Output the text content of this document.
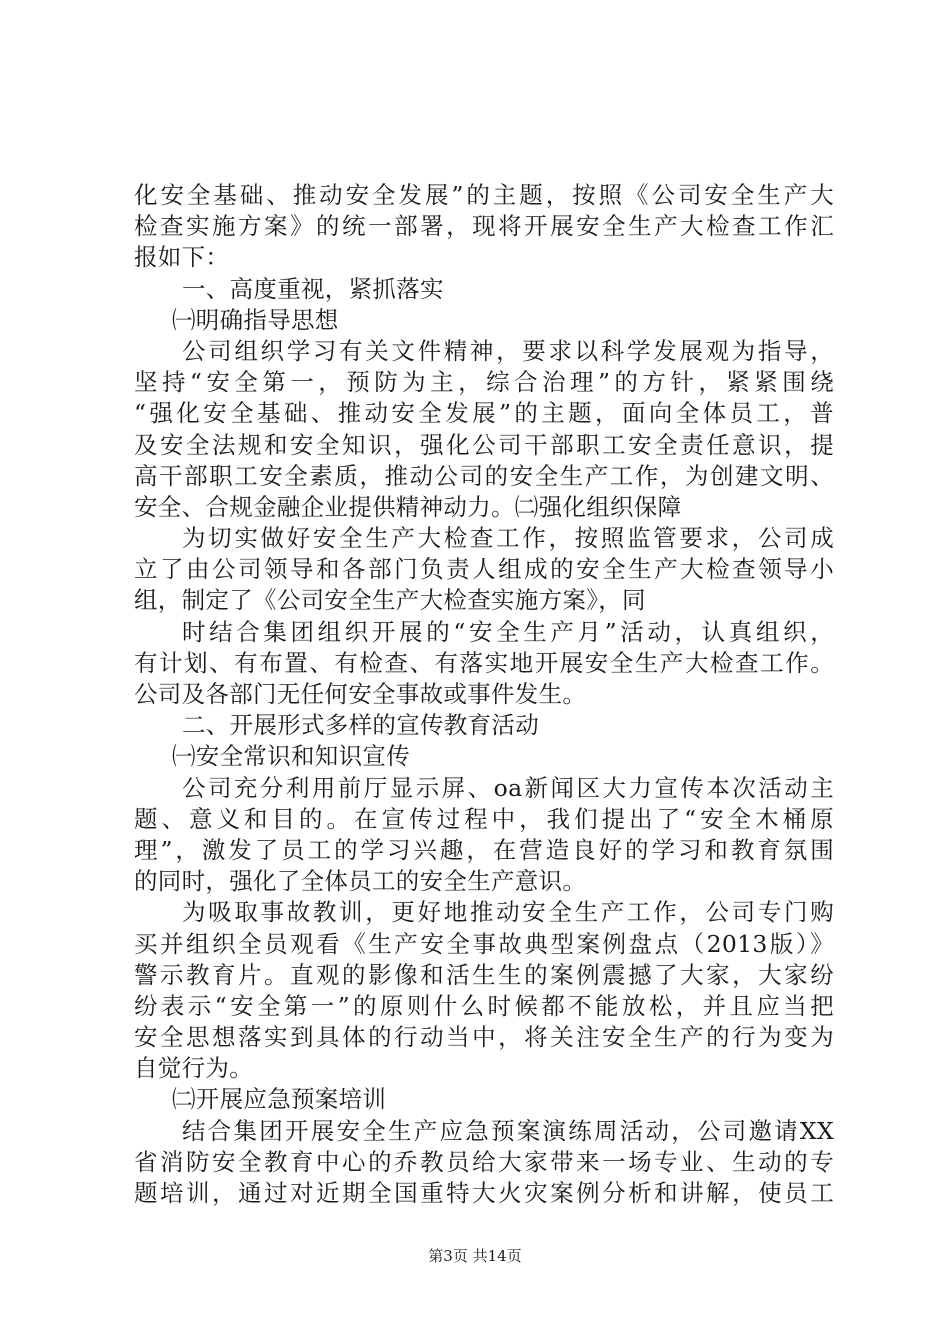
化安全基础、推动安全发展”的主题，按照《公司安全生产大
检查实施方案》的统一部署，现将开展安全生产大检查工作汇
报如下：
一、高度重视，紧抓落实
㈠明确指导思想
公司组织学习有关文件精神，要求以科学发展观为指导，
坚持“安全第一，预防为主，综合治理”的方针，紧紧围绕
“强化安全基础、推动安全发展”的主题，面向全体员工，普
及安全法规和安全知识，强化公司干部职工安全责任意识，提
高干部职工安全素质，推动公司的安全生产工作，为创建文明、
安全、合规金融企业提供精神动力。㈡强化组织保障
为切实做好安全生产大检查工作，按照监管要求，公司成
立了由公司领导和各部门负责人组成的安全生产大检查领导小
组，制定了《公司安全生产大检查实施方案》，同
时结合集团组织开展的“安全生产月”活动，认真组织，
有计划、有布置、有检查、有落实地开展安全生产大检查工作。
公司及各部门无任何安全事故或事件发生。
二、开展形式多样的宣传教育活动
㈠安全常识和知识宣传
公司充分利用前厅显示屏、oa新闻区大力宣传本次活动主
题、意义和目的。在宣传过程中，我们提出了“安全木桶原
理”，激发了员工的学习兴趣，在营造良好的学习和教育氛围
的同时，强化了全体员工的安全生产意识。
为吸取事故教训，更好地推动安全生产工作，公司专门购
买并组织全员观看《生产安全事故典型案例盘点（2013版）》
警示教育片。直观的影像和活生生的案例震撼了大家，大家纷
纷表示“安全第一”的原则什么时候都不能放松，并且应当把
安全思想落实到具体的行动当中，将关注安全生产的行为变为
自觉行为。
㈡开展应急预案培训
结合集团开展安全生产应急预案演练周活动，公司邀请XX
省消防安全教育中心的乔教员给大家带来一场专业、生动的专
题培训，通过对近期全国重特大火灾案例分析和讲解，使员工
第3页 共14页
